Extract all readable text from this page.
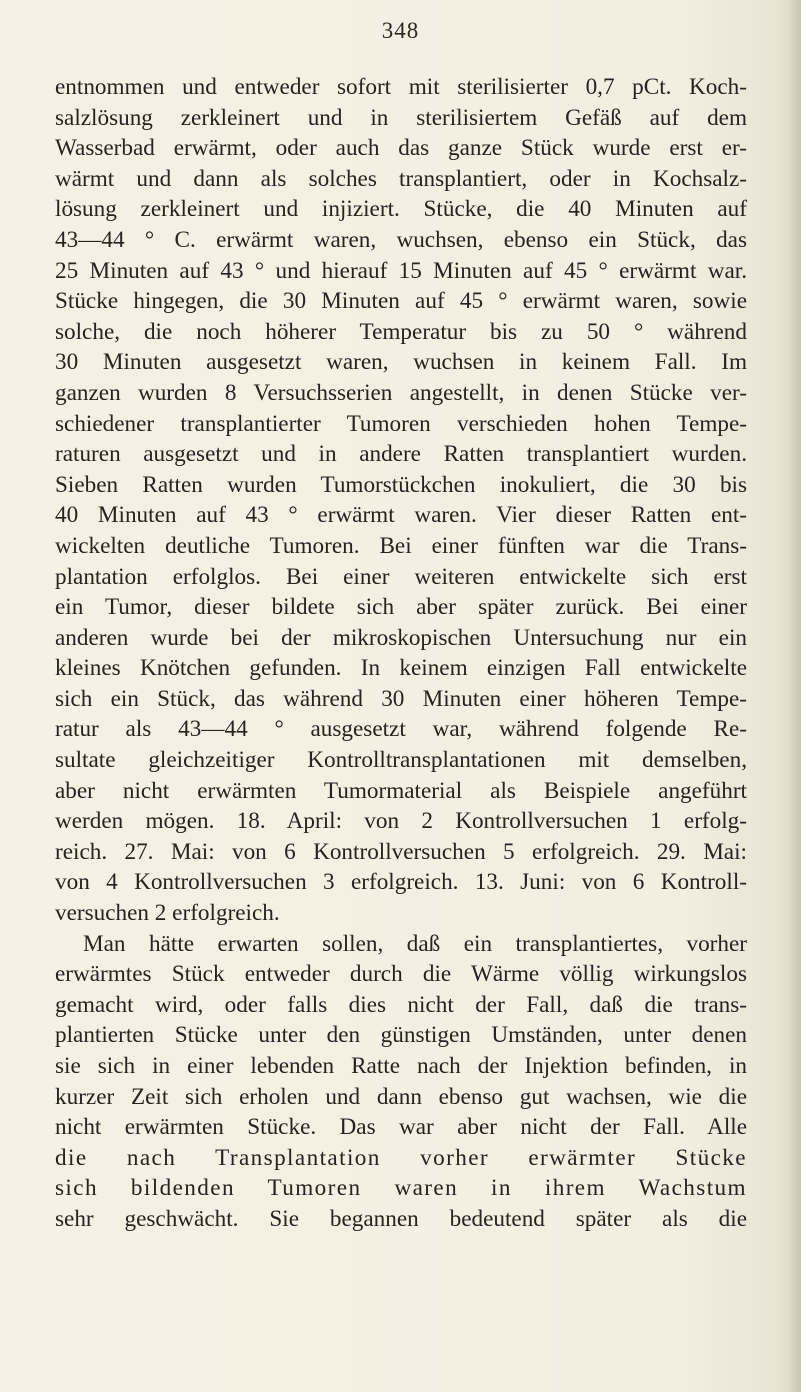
348
entnommen und entweder sofort mit sterilisierter 0,7 pCt. Koch-
salzlösung zerkleinert und in sterilisiertem Gefäß auf dem
Wasserbad erwärmt, oder auch das ganze Stück wurde erst er-
wärmt und dann als solches transplantiert, oder in Kochsalz-
lösung zerkleinert und injiziert. Stücke, die 40 Minuten auf
43—44 ° C. erwärmt waren, wuchsen, ebenso ein Stück, das
25 Minuten auf 43 ° und hierauf 15 Minuten auf 45 ° erwärmt war.
Stücke hingegen, die 30 Minuten auf 45 ° erwärmt waren, sowie
solche, die noch höherer Temperatur bis zu 50 ° während
30 Minuten ausgesetzt waren, wuchsen in keinem Fall. Im
ganzen wurden 8 Versuchsserien angestellt, in denen Stücke ver-
schiedener transplantierter Tumoren verschieden hohen Tempe-
raturen ausgesetzt und in andere Ratten transplantiert wurden.
Sieben Ratten wurden Tumorstückchen inokuliert, die 30 bis
40 Minuten auf 43 ° erwärmt waren. Vier dieser Ratten ent-
wickelten deutliche Tumoren. Bei einer fünften war die Trans-
plantation erfolglos. Bei einer weiteren entwickelte sich erst
ein Tumor, dieser bildete sich aber später zurück. Bei einer
anderen wurde bei der mikroskopischen Untersuchung nur ein
kleines Knötchen gefunden. In keinem einzigen Fall entwickelte
sich ein Stück, das während 30 Minuten einer höheren Tempe-
ratur als 43—44 ° ausgesetzt war, während folgende Re-
sultate gleichzeitiger Kontrolltransplantationen mit demselben,
aber nicht erwärmten Tumormaterial als Beispiele angeführt
werden mögen. 18. April: von 2 Kontrollversuchen 1 erfolg-
reich. 27. Mai: von 6 Kontrollversuchen 5 erfolgreich. 29. Mai:
von 4 Kontrollversuchen 3 erfolgreich. 13. Juni: von 6 Kontroll-
versuchen 2 erfolgreich.
Man hätte erwarten sollen, daß ein transplantiertes, vorher
erwärmtes Stück entweder durch die Wärme völlig wirkungslos
gemacht wird, oder falls dies nicht der Fall, daß die trans-
plantierten Stücke unter den günstigen Umständen, unter denen
sie sich in einer lebenden Ratte nach der Injektion befinden, in
kurzer Zeit sich erholen und dann ebenso gut wachsen, wie die
nicht erwärmten Stücke. Das war aber nicht der Fall. Alle
die nach Transplantation vorher erwärmter Stücke
sich bildenden Tumoren waren in ihrem Wachstum
sehr geschwächt. Sie begannen bedeutend später als die
